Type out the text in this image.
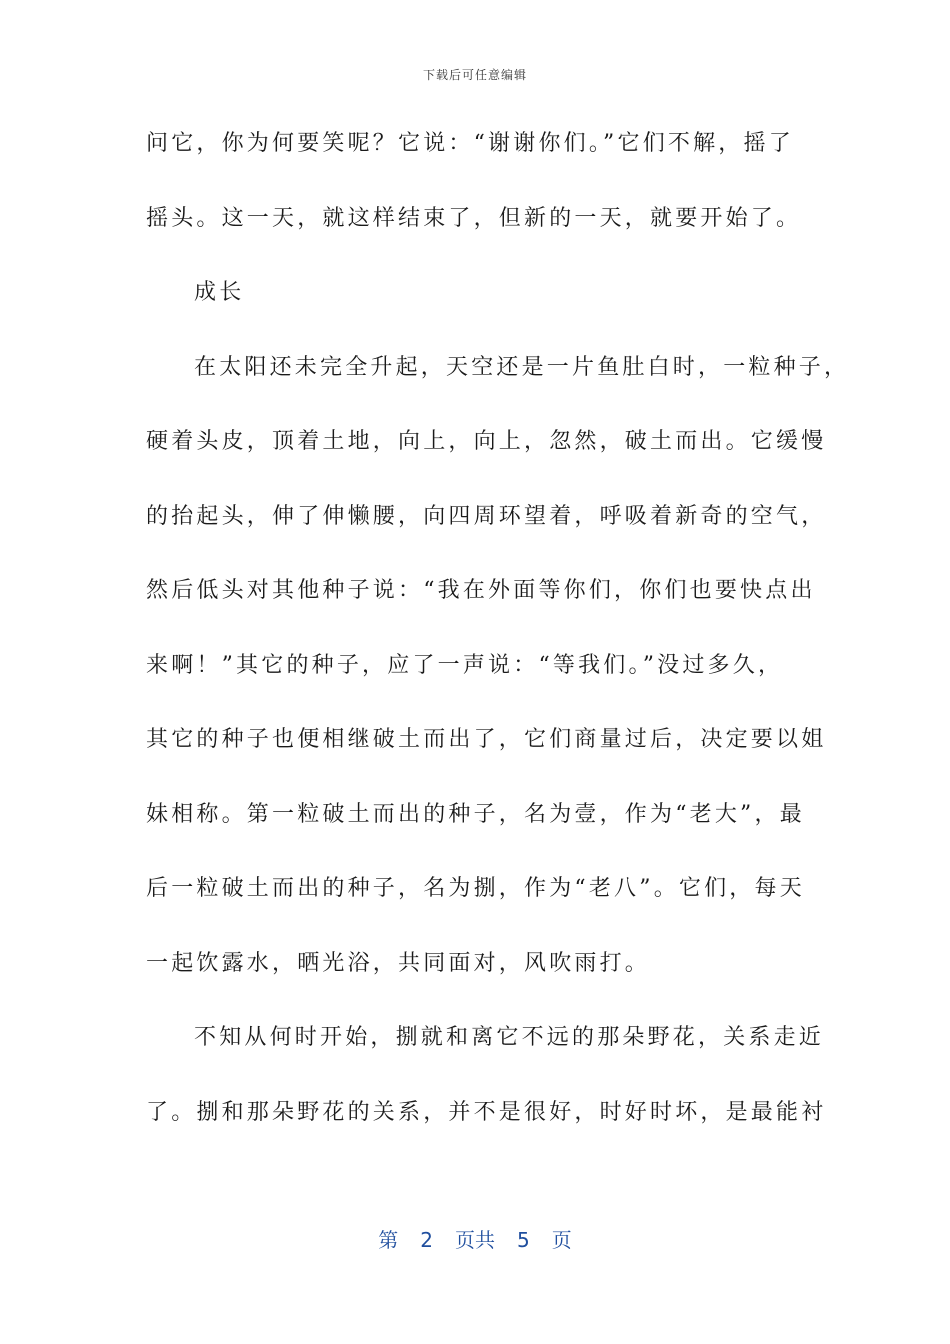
下载后可任意编辑
问它，你为何要笑呢？它说：“谢谢你们。”它们不解，摇了
摇头。这一天，就这样结束了，但新的一天，就要开始了。
成长
在太阳还未完全升起，天空还是一片鱼肚白时，一粒种子，
硬着头皮，顶着土地，向上，向上，忽然，破土而出。它缓慢
的抬起头，伸了伸懒腰，向四周环望着，呼吸着新奇的空气，
然后低头对其他种子说：“我在外面等你们，你们也要快点出
来啊！”其它的种子，应了一声说：“等我们。”没过多久，
其它的种子也便相继破土而出了，它们商量过后，决定要以姐
妹相称。第一粒破土而出的种子，名为壹，作为“老大”，最
后一粒破土而出的种子，名为捌，作为“老八”。它们，每天
一起饮露水，晒光浴，共同面对，风吹雨打。
不知从何时开始，捌就和离它不远的那朵野花，关系走近
了。捌和那朵野花的关系，并不是很好，时好时坏，是最能衬
第 2 页共 5 页
